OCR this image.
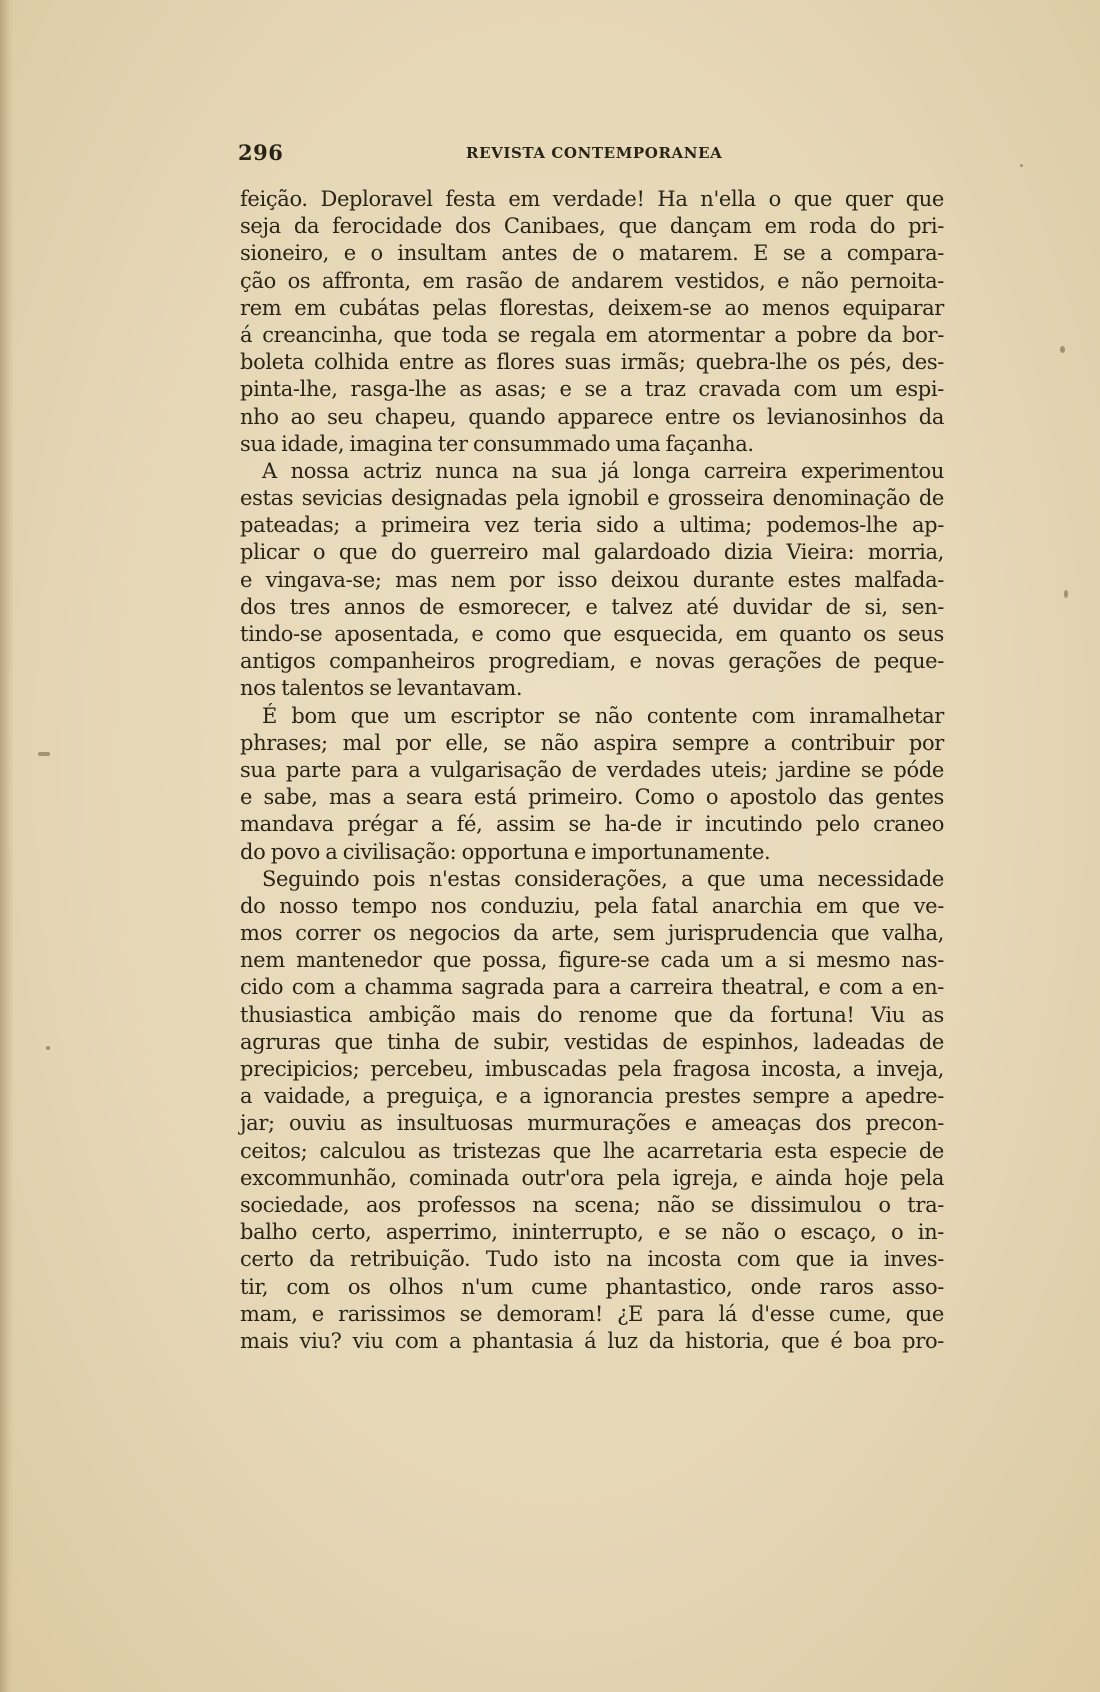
296	REVISTA CONTEMPORANEA
feição. Deploravel festa em verdade! Ha n'ella o que quer que
seja da ferocidade dos Canibaes, que dançam em roda do pri-
sioneiro, e o insultam antes de o matarem. E se a compara-
ção os affronta, em rasão de andarem vestidos, e não pernoita-
rem em cubátas pelas florestas, deixem-se ao menos equiparar
á creancinha, que toda se regala em atormentar a pobre da bor-
boleta colhida entre as flores suas irmãs; quebra-lhe os pés, des-
pinta-lhe, rasga-lhe as asas; e se a traz cravada com um espi-
nho ao seu chapeu, quando apparece entre os levianosinhos da
sua idade, imagina ter consummado uma façanha.
A nossa actriz nunca na sua já longa carreira experimentou
estas sevicias designadas pela ignobil e grosseira denominação de
pateadas; a primeira vez teria sido a ultima; podemos-lhe ap-
plicar o que do guerreiro mal galardoado dizia Vieira: morria,
e vingava-se; mas nem por isso deixou durante estes malfada-
dos tres annos de esmorecer, e talvez até duvidar de si, sen-
tindo-se aposentada, e como que esquecida, em quanto os seus
antigos companheiros progrediam, e novas gerações de peque-
nos talentos se levantavam.
É bom que um escriptor se não contente com inramalhetar
phrases; mal por elle, se não aspira sempre a contribuir por
sua parte para a vulgarisação de verdades uteis; jardine se póde
e sabe, mas a seara está primeiro. Como o apostolo das gentes
mandava prégar a fé, assim se ha-de ir incutindo pelo craneo
do povo a civilisação: opportuna e importunamente.
Seguindo pois n'estas considerações, a que uma necessidade
do nosso tempo nos conduziu, pela fatal anarchia em que ve-
mos correr os negocios da arte, sem jurisprudencia que valha,
nem mantenedor que possa, figure-se cada um a si mesmo nas-
cido com a chamma sagrada para a carreira theatral, e com a en-
thusiastica ambição mais do renome que da fortuna! Viu as
agruras que tinha de subir, vestidas de espinhos, ladeadas de
precipicios; percebeu, imbuscadas pela fragosa incosta, a inveja,
a vaidade, a preguiça, e a ignorancia prestes sempre a apedre-
jar; ouviu as insultuosas murmurações e ameaças dos precon-
ceitos; calculou as tristezas que lhe acarretaria esta especie de
excommunhão, cominada outr'ora pela igreja, e ainda hoje pela
sociedade, aos professos na scena; não se dissimulou o tra-
balho certo, asperrimo, ininterrupto, e se não o escaço, o in-
certo da retribuição. Tudo isto na incosta com que ia inves-
tir, com os olhos n'um cume phantastico, onde raros asso-
mam, e rarissimos se demoram! ¿E para lá d'esse cume, que
mais viu? viu com a phantasia á luz da historia, que é boa pro-
